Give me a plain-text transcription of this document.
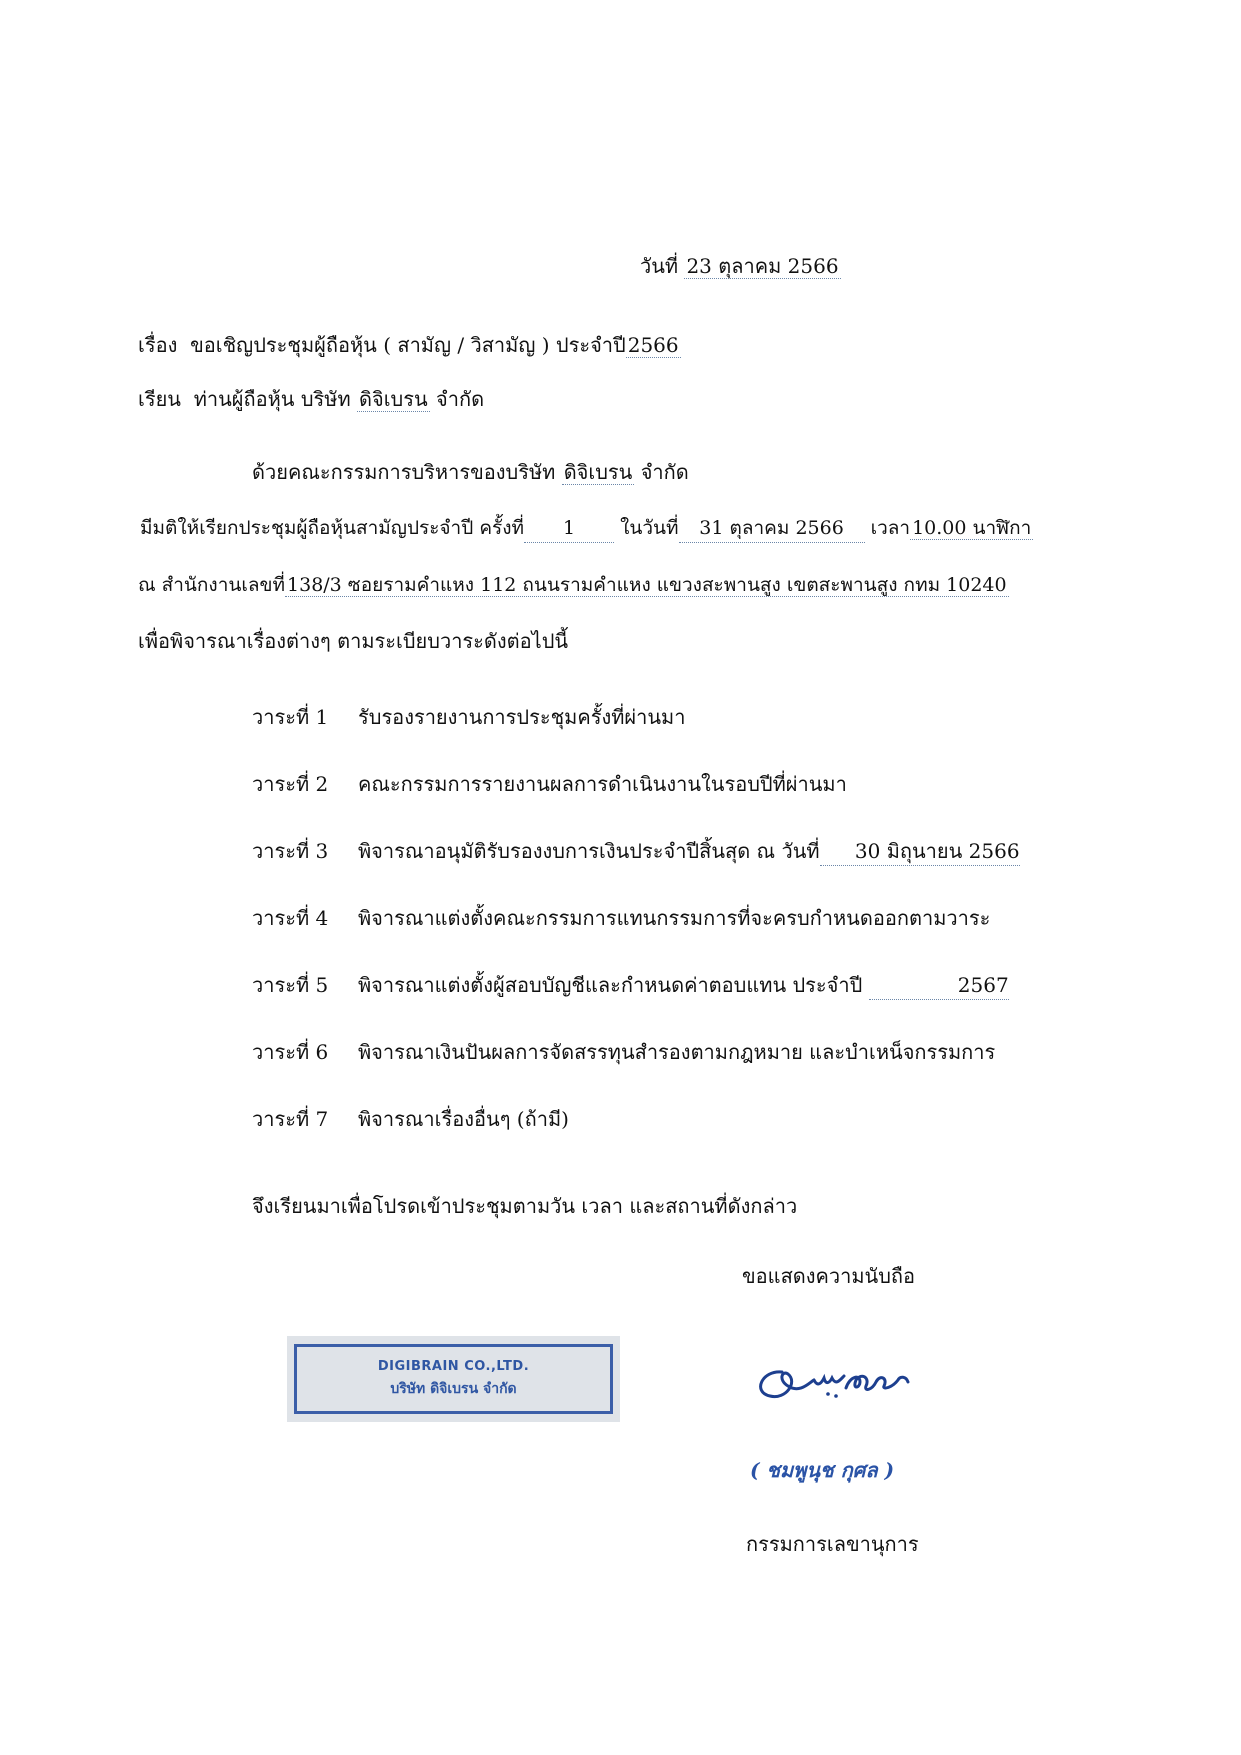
วันที่ 23 ตุลาคม 2566
เรื่อง ขอเชิญประชุมผู้ถือหุ้น ( สามัญ / วิสามัญ ) ประจำปี 2566
เรียน ท่านผู้ถือหุ้น บริษัท ดิจิเบรน จำกัด
ด้วยคณะกรรมการบริหารของบริษัท ดิจิเบรน จำกัด
มีมติให้เรียกประชุมผู้ถือหุ้นสามัญประจำปี ครั้งที่ 1 ในวันที่ 31 ตุลาคม 2566 เวลา 10.00 นาฬิกา
ณ สำนักงานเลขที่ 138/3 ซอยรามคำแหง 112 ถนนรามคำแหง แขวงสะพานสูง เขตสะพานสูง กทม 10240
เพื่อพิจารณาเรื่องต่างๆ ตามระเบียบวาระดังต่อไปนี้
วาระที่ 1 รับรองรายงานการประชุมครั้งที่ผ่านมา
วาระที่ 2 คณะกรรมการรายงานผลการดำเนินงานในรอบปีที่ผ่านมา
วาระที่ 3 พิจารณาอนุมัติรับรองงบการเงินประจำปีสิ้นสุด ณ วันที่ 30 มิถุนายน 2566
วาระที่ 4 พิจารณาแต่งตั้งคณะกรรมการแทนกรรมการที่จะครบกำหนดออกตามวาระ
วาระที่ 5 พิจารณาแต่งตั้งผู้สอบบัญชีและกำหนดค่าตอบแทน ประจำปี	2567
วาระที่ 6 พิจารณาเงินปันผลการจัดสรรทุนสำรองตามกฎหมาย และบำเหน็จกรรมการ
วาระที่ 7 พิจารณาเรื่องอื่นๆ (ถ้ามี)
จึงเรียนมาเพื่อโปรดเข้าประชุมตามวัน เวลา และสถานที่ดังกล่าว
ขอแสดงความนับถือ
DIGIBRAIN CO.,LTD.
บริษัท ดิจิเบรน จำกัด
( ชมพูนุช กุศล )
กรรมการเลขานุการ
